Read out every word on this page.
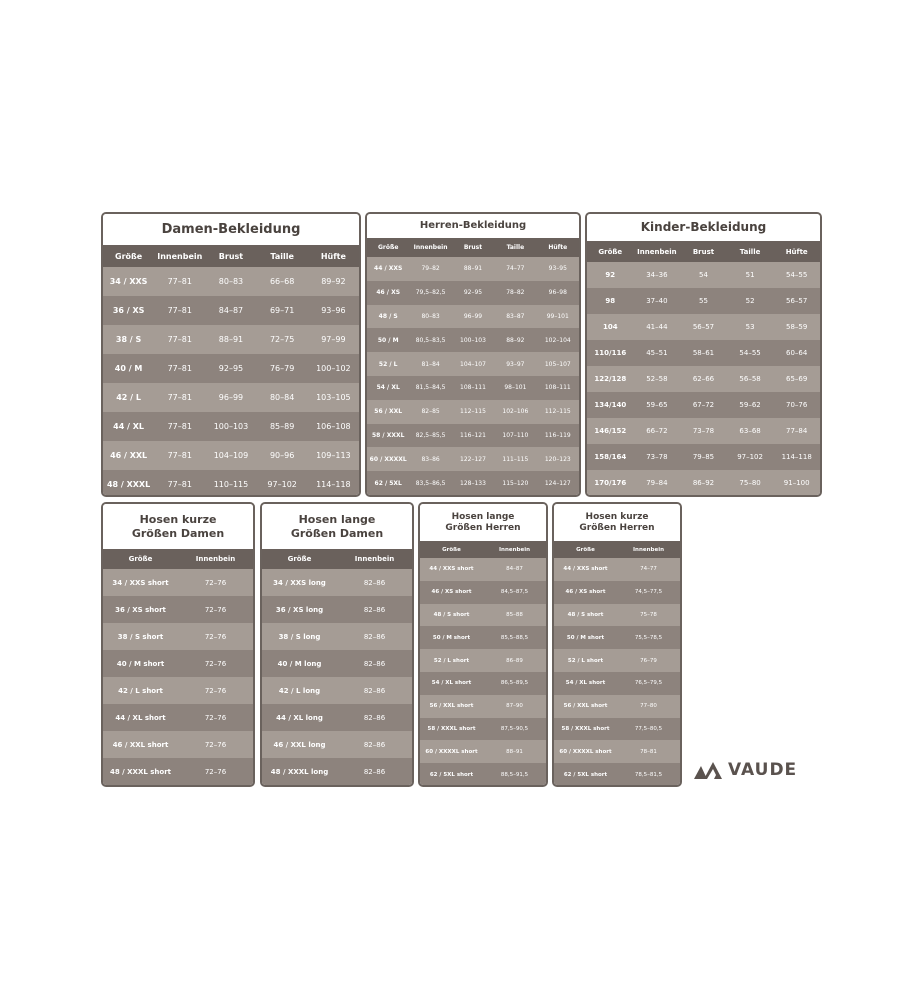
Damen-Bekleidung
Größe	Innenbein	Brust	Taille	Hüfte
34 / XXS	77–81	80–83	66–68	89–92
36 / XS	77–81	84–87	69–71	93–96
38 / S	77–81	88–91	72–75	97–99
40 / M	77–81	92–95	76–79	100–102
42 / L	77–81	96–99	80–84	103–105
44 / XL	77–81	100–103	85–89	106–108
46 / XXL	77–81	104–109	90–96	109–113
48 / XXXL	77–81	110–115	97–102	114–118
Herren-Bekleidung
Größe	Innenbein	Brust	Taille	Hüfte
44 / XXS	79–82	88–91	74–77	93–95
46 / XS	79,5–82,5	92–95	78–82	96–98
48 / S	80–83	96–99	83–87	99–101
50 / M	80,5–83,5	100–103	88–92	102–104
52 / L	81–84	104–107	93–97	105–107
54 / XL	81,5–84,5	108–111	98–101	108–111
56 / XXL	82–85	112–115	102–106	112–115
58 / XXXL	82,5–85,5	116–121	107–110	116–119
60 / XXXXL	83–86	122–127	111–115	120–123
62 / 5XL	83,5–86,5	128–133	115–120	124–127
Kinder-Bekleidung
Größe	Innenbein	Brust	Taille	Hüfte
92	34–36	54	51	54–55
98	37–40	55	52	56–57
104	41–44	56–57	53	58–59
110/116	45–51	58–61	54–55	60–64
122/128	52–58	62–66	56–58	65–69
134/140	59–65	67–72	59–62	70–76
146/152	66–72	73–78	63–68	77–84
158/164	73–78	79–85	97–102	114–118
170/176	79–84	86–92	75–80	91–100
Hosen kurze
Größen Damen
Größe	Innenbein
34 / XXS short	72–76
36 / XS short	72–76
38 / S short	72–76
40 / M short	72–76
42 / L short	72–76
44 / XL short	72–76
46 / XXL short	72–76
48 / XXXL short	72–76
Hosen lange
Größen Damen
Größe	Innenbein
34 / XXS long	82–86
36 / XS long	82–86
38 / S long	82–86
40 / M long	82–86
42 / L long	82–86
44 / XL long	82–86
46 / XXL long	82–86
48 / XXXL long	82–86
Hosen lange
Größen Herren
Größe	Innenbein
44 / XXS short	84–87
46 / XS short	84,5–87,5
48 / S short	85–88
50 / M short	85,5–88,5
52 / L short	86–89
54 / XL short	86,5–89,5
56 / XXL short	87–90
58 / XXXL short	87,5–90,5
60 / XXXXL short	88–91
62 / 5XL short	88,5–91,5
Hosen kurze
Größen Herren
Größe	Innenbein
44 / XXS short	74–77
46 / XS short	74,5–77,5
48 / S short	75–78
50 / M short	75,5–78,5
52 / L short	76–79
54 / XL short	76,5–79,5
56 / XXL short	77–80
58 / XXXL short	77,5–80,5
60 / XXXXL short	78–81
62 / 5XL short	78,5–81,5	VAUDE
